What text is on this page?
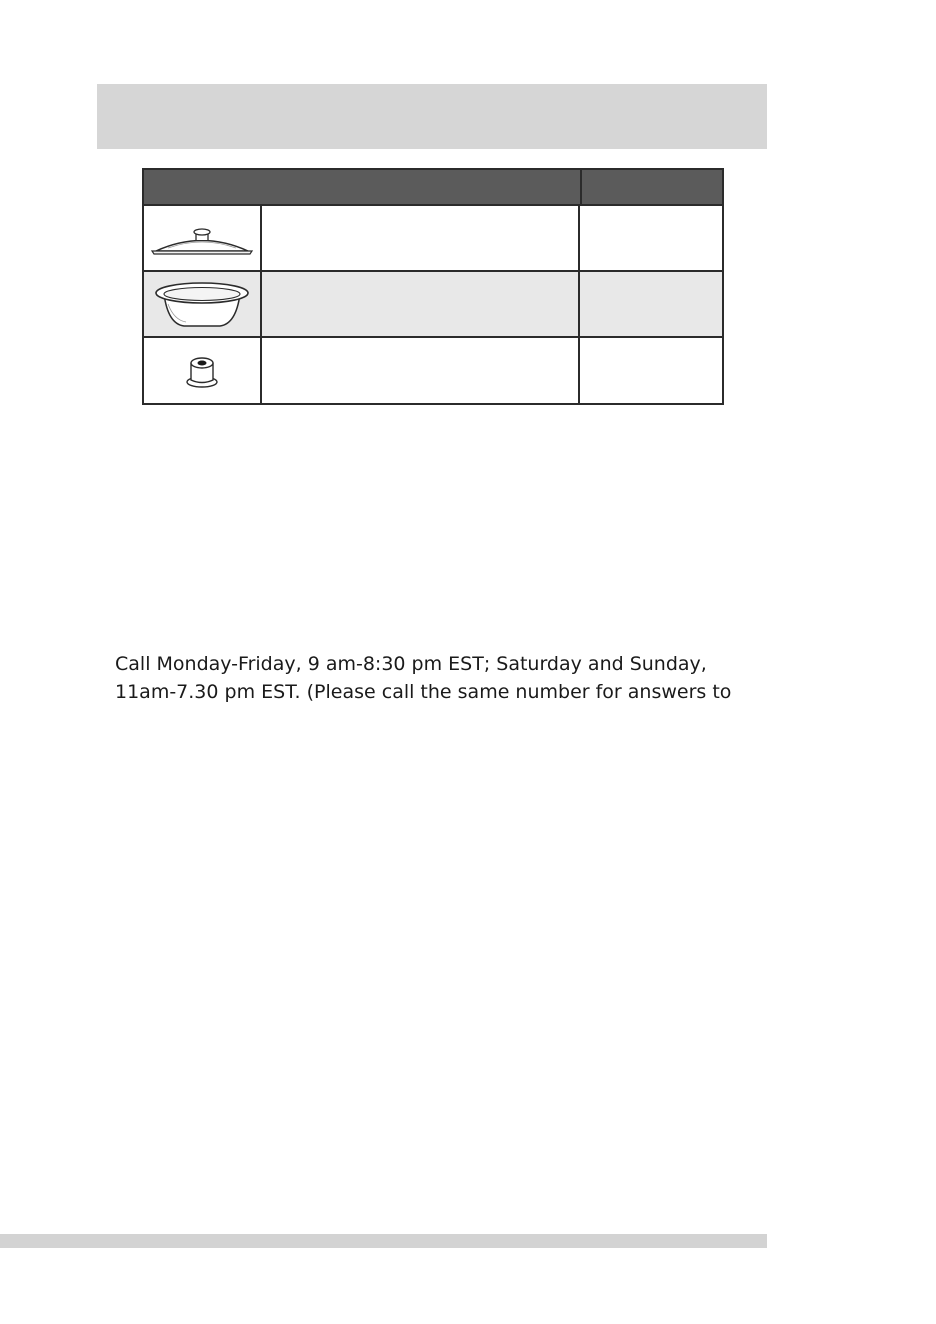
Call Monday-Friday, 9 am-8:30 pm EST; Saturday and Sunday,
11am-7.30 pm EST. (Please call the same number for answers to
